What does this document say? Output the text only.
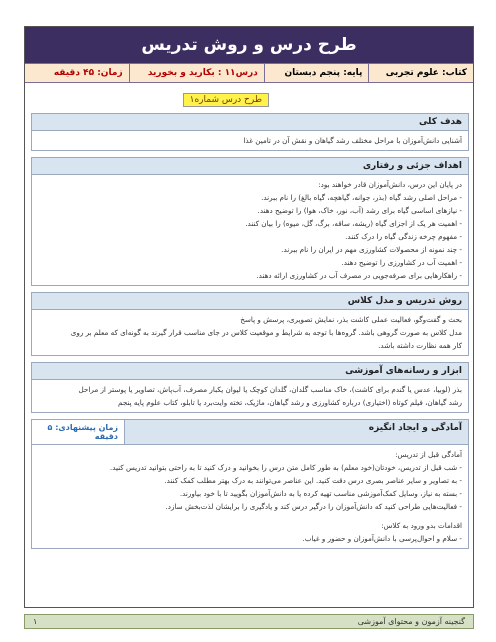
طرح درس و روش تدریس
کتاب: علوم تجربی
پایه: پنجم دبستان
درس۱۱ : بکارید و بخورید
زمان: ۴۵ دقیقه
طرح درس شماره۱
هدف کلی
آشنایی دانش‌آموزان با مراحل مختلف رشد گیاهان و نقش آن در تامین غذا
اهداف جزئی و رفتاری
در پایان این درس، دانش‌آموزان قادر خواهند بود:
- مراحل اصلی رشد گیاه (بذر، جوانه، گیاهچه، گیاه بالغ) را نام ببرند.
- نیازهای اساسی گیاه برای رشد (آب، نور، خاک، هوا) را توضیح دهند.
- اهمیت هر یک از اجزای گیاه (ریشه، ساقه، برگ، گل، میوه) را بیان کنند.
- مفهوم چرخه زندگی گیاه را درک کنند.
- چند نمونه از محصولات کشاورزی مهم در ایران را نام ببرند.
- اهمیت آب در کشاورزی را توضیح دهند.
- راهکارهایی برای صرفه‌جویی در مصرف آب در کشاورزی ارائه دهند.
روش تدریس و مدل کلاس
بحث و گفت‌وگو، فعالیت عملی کاشت بذر، نمایش تصویری، پرسش و پاسخ
مدل کلاس به صورت گروهی باشد. گروه‌ها با توجه به شرایط و موقعیت کلاس در جای مناسب قرار گیرند به گونه‌ای که معلم بر روی
کار همه نظارت داشته باشد.
ابزار و رسانه‌های آموزشی
بذر (لوبیا، عدس یا گندم برای کاشت)، خاک مناسب گلدان، گلدان کوچک یا لیوان یکبار مصرف، آب‌پاش، تصاویر یا پوستر از مراحل
رشد گیاهان، فیلم کوتاه (اختیاری) درباره کشاورزی و رشد گیاهان، ماژیک، تخته وایت‌برد یا تابلو، کتاب علوم پایه پنجم
آمادگی و ایجاد انگیزه
زمان پیشنهادی: ۵ دقیقه
آمادگی قبل از تدریس:
- شب قبل از تدریس، خودتان(خود معلم) به طور کامل متن درس را بخوانید و درک کنید تا به راحتی بتوانید تدریس کنید.
- به تصاویر و سایر عناصر بصری درس دقت کنید. این عناصر می‌توانند به درک بهتر مطلب کمک کنند.
- بسته به نیاز، وسایل کمک‌آموزشی مناسب تهیه کرده یا به دانش‌آموزان بگویید تا با خود بیاورند.
- فعالیت‌هایی طراحی کنید که دانش‌آموزان را درگیر درس کند و یادگیری را برایشان لذت‌بخش سازد.
اقدامات بدو ورود به کلاس:
- سلام و احوال‌پرسی با دانش‌آموزان و حضور و غیاب.
گنجینه آزمون و محتوای آموزشی
۱
